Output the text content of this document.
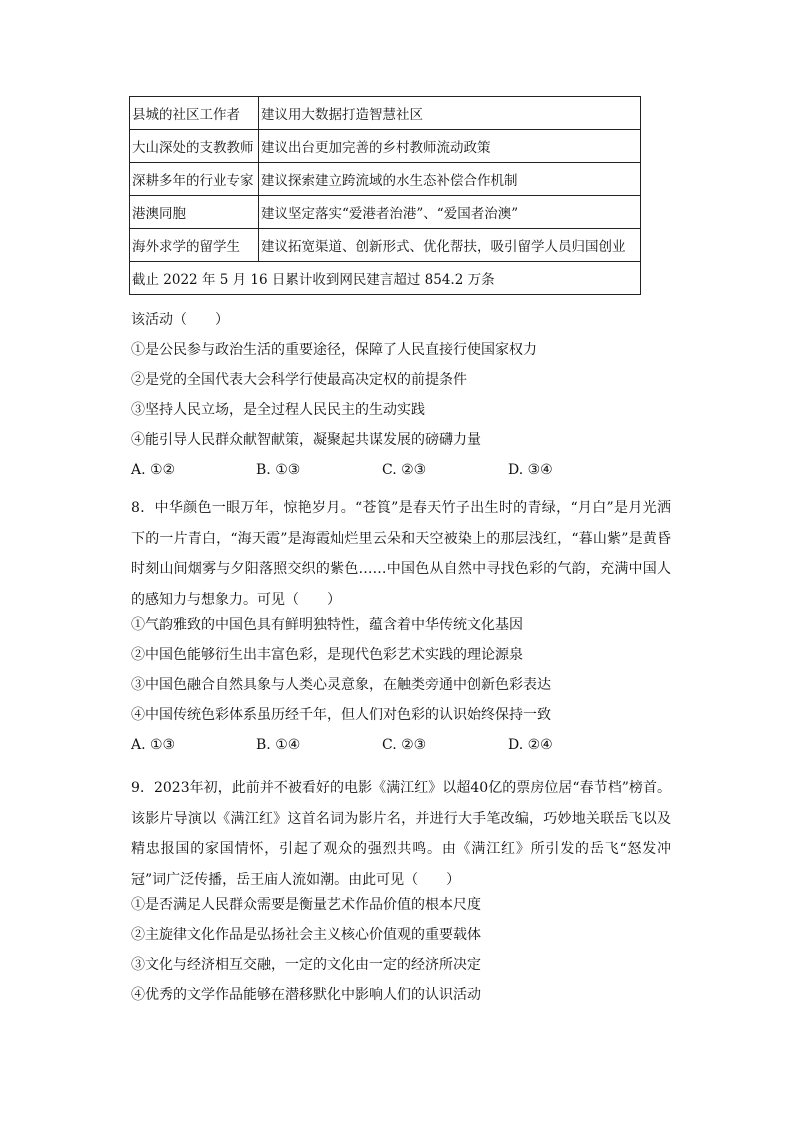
县城的社区工作者	建议用大数据打造智慧社区
大山深处的支教教师	建议出台更加完善的乡村教师流动政策
深耕多年的行业专家	建议探索建立跨流域的水生态补偿合作机制
港澳同胞	建议坚定落实“爱港者治港”、“爱国者治澳”
海外求学的留学生	建议拓宽渠道、创新形式、优化帮扶，吸引留学人员归国创业
截止 2022 年 5 月 16 日累计收到网民建言超过 854.2 万条	
该活动（　　）
①是公民参与政治生活的重要途径，保障了人民直接行使国家权力
②是党的全国代表大会科学行使最高决定权的前提条件
③坚持人民立场，是全过程人民民主的生动实践
④能引导人民群众献智献策，凝聚起共谋发展的磅礴力量
A. ①②	B. ①③	C. ②③	D. ③④
8．中华颜色一眼万年，惊艳岁月。“苍筤”是春天竹子出生时的青绿，“月白”是月光洒下的一片青白，“海天霞”是海霞灿烂里云朵和天空被染上的那层浅红，“暮山紫”是黄昏时刻山间烟雾与夕阳落照交织的紫色……中国色从自然中寻找色彩的气韵，充满中国人的感知力与想象力。可见（　　）
①气韵雅致的中国色具有鲜明独特性，蕴含着中华传统文化基因
②中国色能够衍生出丰富色彩，是现代色彩艺术实践的理论源泉
③中国色融合自然具象与人类心灵意象，在触类旁通中创新色彩表达
④中国传统色彩体系虽历经千年，但人们对色彩的认识始终保持一致
A. ①③	B. ①④	C. ②③	D. ②④
9．2023年初，此前并不被看好的电影《满江红》以超40亿的票房位居“春节档”榜首。该影片导演以《满江红》这首名词为影片名，并进行大手笔改编，巧妙地关联岳飞以及精忠报国的家国情怀，引起了观众的强烈共鸣。由《满江红》所引发的岳飞“怒发冲冠”词广泛传播，岳王庙人流如潮。由此可见（　　）
①是否满足人民群众需要是衡量艺术作品价值的根本尺度
②主旋律文化作品是弘扬社会主义核心价值观的重要载体
③文化与经济相互交融，一定的文化由一定的经济所决定
④优秀的文学作品能够在潜移默化中影响人们的认识活动
